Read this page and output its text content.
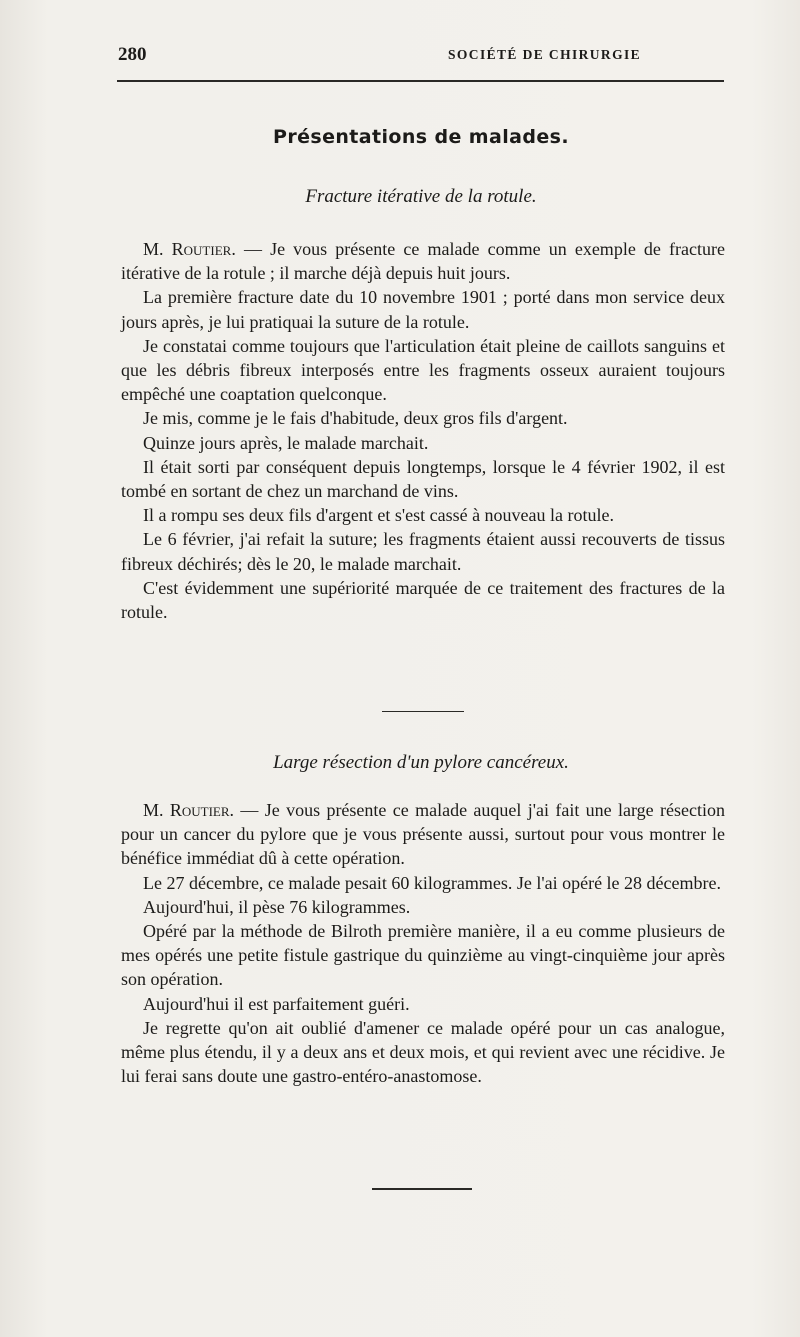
280	SOCIÉTÉ DE CHIRURGIE
Présentations de malades.
Fracture itérative de la rotule.

M. Routier. — Je vous présente ce malade comme un exemple de fracture itérative de la rotule ; il marche déjà depuis huit jours.

La première fracture date du 10 novembre 1901 ; porté dans mon service deux jours après, je lui pratiquai la suture de la rotule.

Je constatai comme toujours que l'articulation était pleine de caillots sanguins et que les débris fibreux interposés entre les fragments osseux auraient toujours empêché une coaptation quelconque.

Je mis, comme je le fais d'habitude, deux gros fils d'argent.

Quinze jours après, le malade marchait.

Il était sorti par conséquent depuis longtemps, lorsque le 4 février 1902, il est tombé en sortant de chez un marchand de vins.

Il a rompu ses deux fils d'argent et s'est cassé à nouveau la rotule.

Le 6 février, j'ai refait la suture; les fragments étaient aussi recouverts de tissus fibreux déchirés; dès le 20, le malade marchait.

C'est évidemment une supériorité marquée de ce traitement des fractures de la rotule.

Large résection d'un pylore cancéreux.

M. Routier. — Je vous présente ce malade auquel j'ai fait une large résection pour un cancer du pylore que je vous présente aussi, surtout pour vous montrer le bénéfice immédiat dû à cette opération.

Le 27 décembre, ce malade pesait 60 kilogrammes. Je l'ai opéré le 28 décembre.

Aujourd'hui, il pèse 76 kilogrammes.

Opéré par la méthode de Bilroth première manière, il a eu comme plusieurs de mes opérés une petite fistule gastrique du quinzième au vingt-cinquième jour après son opération.

Aujourd'hui il est parfaitement guéri.

Je regrette qu'on ait oublié d'amener ce malade opéré pour un cas analogue, même plus étendu, il y a deux ans et deux mois, et qui revient avec une récidive. Je lui ferai sans doute une gastro-entéro-anastomose.
